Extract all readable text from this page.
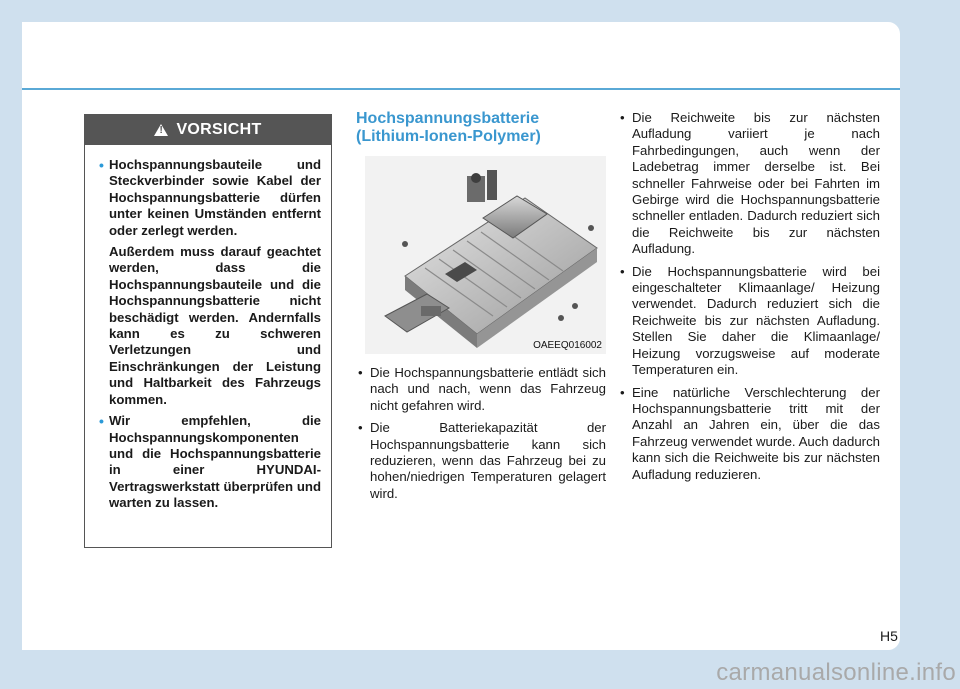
!
VORSICHT
• Hochspannungsbauteile und Steckverbinder sowie Kabel der Hochspannungsbatterie dürfen unter keinen Umständen entfernt oder zerlegt werden.
Außerdem muss darauf geachtet werden, dass die Hochspannungsbauteile und die Hochspannungsbatterie nicht beschädigt werden. Andernfalls kann es zu schweren Verletzungen und Einschränkungen der Leistung und Haltbarkeit des Fahrzeugs kommen.
• Wir empfehlen, die Hochspannungskomponenten und die Hochspannungsbatterie in einer HYUNDAI-Vertragswerkstatt überprüfen und warten zu lassen.
Hochspannungsbatterie (Lithium-Ionen-Polymer)
OAEEQ016002
• Die Hochspannungsbatterie entlädt sich nach und nach, wenn das Fahrzeug nicht gefahren wird.
• Die Batteriekapazität der Hochspannungsbatterie kann sich reduzieren, wenn das Fahrzeug bei zu hohen/niedrigen Temperaturen gelagert wird.
• Die Reichweite bis zur nächsten Aufladung variiert je nach Fahrbedingungen, auch wenn der Ladebetrag immer derselbe ist. Bei schneller Fahrweise oder bei Fahrten im Gebirge wird die Hochspannungsbatterie schneller entladen. Dadurch reduziert sich die Reichweite bis zur nächsten Aufladung.
• Die Hochspannungsbatterie wird bei eingeschalteter Klimaanlage/ Heizung verwendet. Dadurch reduziert sich die Reichweite bis zur nächsten Aufladung. Stellen Sie daher die Klimaanlage/ Heizung vorzugsweise auf moderate Temperaturen ein.
• Eine natürliche Verschlechterung der Hochspannungsbatterie tritt mit der Anzahl an Jahren ein, über die das Fahrzeug verwendet wurde. Auch dadurch kann sich die Reichweite bis zur nächsten Aufladung reduzieren.
H5
carmanualsonline.info
